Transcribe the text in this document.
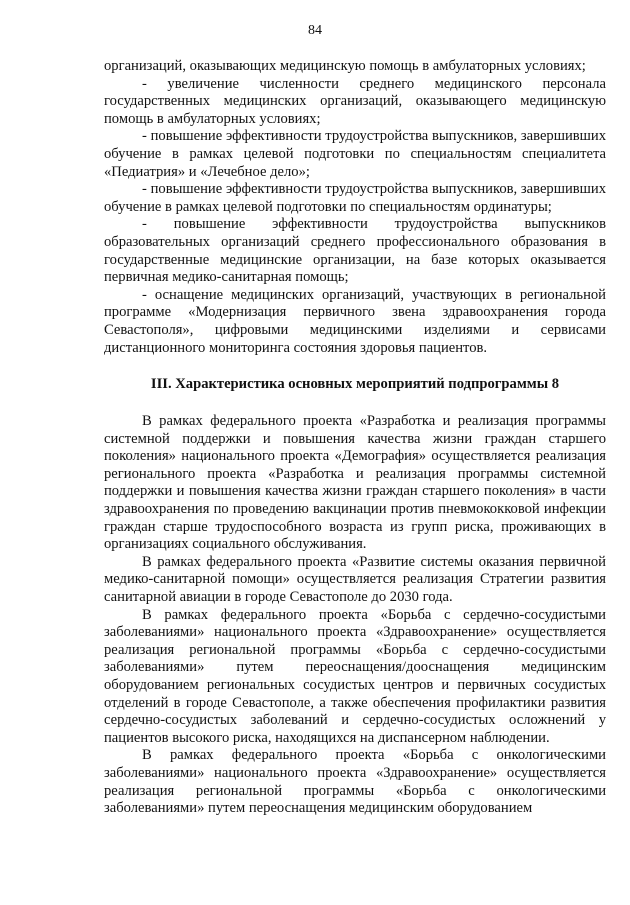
84

организаций, оказывающих медицинскую помощь в амбулаторных условиях;

- увеличение численности среднего медицинского персонала государственных медицинских организаций, оказывающего медицинскую помощь в амбулаторных условиях;

- повышение эффективности трудоустройства выпускников, завершивших обучение в рамках целевой подготовки по специальностям специалитета «Педиатрия» и «Лечебное дело»;

- повышение эффективности трудоустройства выпускников, завершивших обучение в рамках целевой подготовки по специальностям ординатуры;

- повышение эффективности трудоустройства выпускников образовательных организаций среднего профессионального образования в государственные медицинские организации, на базе которых оказывается первичная медико-санитарная помощь;

- оснащение медицинских организаций, участвующих в региональной программе «Модернизация первичного звена здравоохранения города Севастополя», цифровыми медицинскими изделиями и сервисами дистанционного мониторинга состояния здоровья пациентов.

III. Характеристика основных мероприятий подпрограммы 8

В рамках федерального проекта «Разработка и реализация программы системной поддержки и повышения качества жизни граждан старшего поколения» национального проекта «Демография» осуществляется реализация регионального проекта «Разработка и реализация программы системной поддержки и повышения качества жизни граждан старшего поколения» в части здравоохранения по проведению вакцинации против пневмококковой инфекции граждан старше трудоспособного возраста из групп риска, проживающих в организациях социального обслуживания.

В рамках федерального проекта «Развитие системы оказания первичной медико-санитарной помощи» осуществляется реализация Стратегии развития санитарной авиации в городе Севастополе до 2030 года.

В рамках федерального проекта «Борьба с сердечно-сосудистыми заболеваниями» национального проекта «Здравоохранение» осуществляется реализация региональной программы «Борьба с сердечно-сосудистыми заболеваниями» путем переоснащения/дооснащения медицинским оборудованием региональных сосудистых центров и первичных сосудистых отделений в городе Севастополе, а также обеспечения профилактики развития сердечно-сосудистых заболеваний и сердечно-сосудистых осложнений у пациентов высокого риска, находящихся на диспансерном наблюдении.

В рамках федерального проекта «Борьба с онкологическими заболеваниями» национального проекта «Здравоохранение» осуществляется реализация региональной программы «Борьба с онкологическими заболеваниями» путем переоснащения медицинским оборудованием
